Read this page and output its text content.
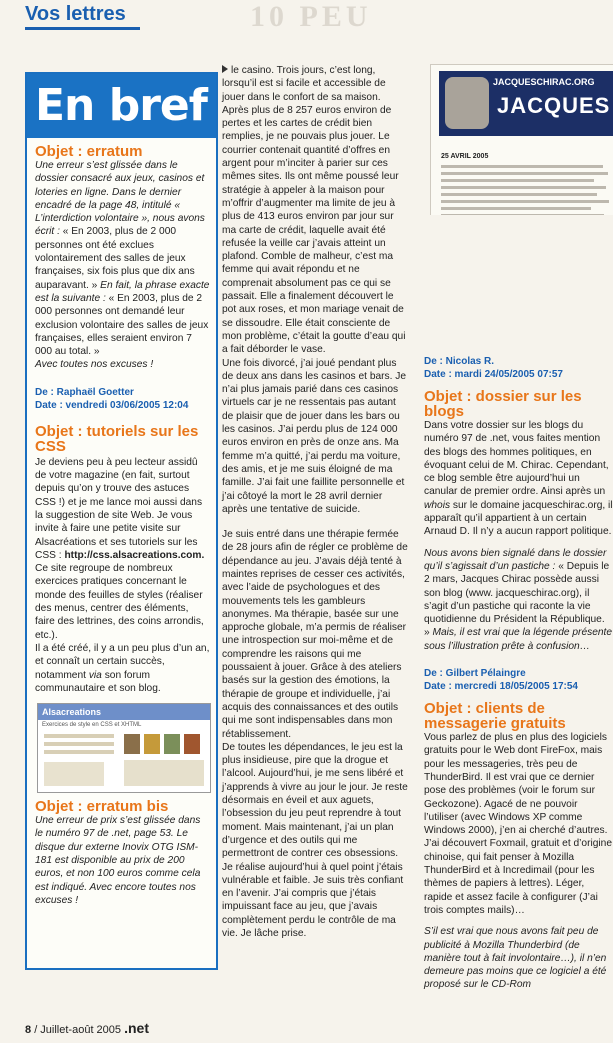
Vos lettres	10 PEU
En bref
Objet : erratum

Une erreur s’est glissée dans le dossier consacré aux jeux, casinos et loteries en ligne. Dans le dernier encadré de la page 48, intitulé « L’interdiction volontaire », nous avons écrit : « En 2003, plus de 2 000 personnes ont été exclues volontairement des salles de jeux françaises, six fois plus que dix ans auparavant. » En fait, la phrase exacte est la suivante : « En 2003, plus de 2 000 personnes ont demandé leur exclusion volontaire des salles de jeux françaises, elles seraient environ 7 000 au total. »
Avec toutes nos excuses !

De : Raphaël Goetter
Date : vendredi 03/06/2005 12:04
Objet : tutoriels sur les CSS

Je deviens peu à peu lecteur assidû de votre magazine (en fait, surtout depuis qu’on y trouve des astuces CSS !) et je me lance moi aussi dans la suggestion de site Web. Je vous invite à faire une petite visite sur Alsacréations et ses tutoriels sur les CSS : http://css.alsacreations.com.
Ce site regroupe de nombreux exercices pratiques concernant le monde des feuilles de styles (réaliser des menus, centrer des éléments, faire des lettrines, des coins arrondis, etc.).
Il a été créé, il y a un peu plus d’un an, et connaît un certain succès, notamment via son forum communautaire et son blog.

Alsacreations
Exercices de style en CSS et XHTML
Objet : erratum bis

Une erreur de prix s’est glissée dans le numéro 97 de .net, page 53. Le disque dur externe Inovix OTG ISM-181 est disponible au prix de 200 euros, et non 100 euros comme cela est indiqué. Avec encore toutes nos excuses !

le casino. Trois jours, c’est long, lorsqu’il est si facile et accessible de jouer dans le confort de sa maison.

Après plus de 8 257 euros environ de pertes et les cartes de crédit bien remplies, je ne pouvais plus jouer. Le courrier contenait quantité d’offres en argent pour m’inciter à parier sur ces mêmes sites. Ils ont même poussé leur stratégie à appeler à la maison pour m’offrir d’augmenter ma limite de jeu à plus de 413 euros environ par jour sur ma carte de crédit, laquelle avait été refusée la veille car j’avais atteint un plafond. Comble de malheur, c’est ma femme qui avait répondu et ne comprenait absolument pas ce qui se passait. Elle a finalement découvert le pot aux roses, et mon mariage venait de se dissoudre. Elle était consciente de mon problème, c’était la goutte d’eau qui a fait déborder le vase.

Une fois divorcé, j’ai joué pendant plus de deux ans dans les casinos et bars. Je n’ai plus jamais parié dans ces casinos virtuels car je ne ressentais pas autant de plaisir que de jouer dans les bars ou les casinos. J’ai perdu plus de 124 000 euros environ en près de onze ans. Ma femme m’a quitté, j’ai perdu ma voiture, des amis, et je me suis éloigné de ma famille. J’ai fait une faillite personnelle et j’ai côtoyé la mort le 28 avril dernier après une tentative de suicide.

Je suis entré dans une thérapie fermée de 28 jours afin de régler ce problème de dépendance au jeu. J’avais déjà tenté à maintes reprises de cesser ces activités, avec l’aide de psychologues et des mouvements tels les gambleurs anonymes. Ma thérapie, basée sur une approche globale, m’a permis de réaliser une introspection sur moi-même et de comprendre les raisons qui me poussaient à jouer. Grâce à des ateliers basés sur la gestion des émotions, la thérapie de groupe et individuelle, j’ai acquis des connaissances et des outils qui me sont indispensables dans mon rétablissement.

De toutes les dépendances, le jeu est la plus insidieuse, pire que la drogue et l’alcool. Aujourd’hui, je me sens libéré et j’apprends à vivre au jour le jour. Je reste désormais en éveil et aux aguets, l’obsession du jeu peut reprendre à tout moment. Mais maintenant, j’ai un plan d’urgence et des outils qui me permettront de contrer ces obsessions. Je réalise aujourd’hui à quel point j’étais vulnérable et faible. Je suis très confiant en l’avenir. J’ai compris que j’étais impuissant face au jeu, que j’avais complètement perdu le contrôle de ma vie. Je lâche prise.

JACQUESCHIRAC.ORG
JACQUES
25 AVRIL 2005
De : Nicolas R.
Date : mardi 24/05/2005 07:57
Objet : dossier sur les blogs

Dans votre dossier sur les blogs du numéro 97 de .net, vous faites mention des blogs des hommes politiques, en évoquant celui de M. Chirac. Cependant, ce blog semble être aujourd’hui un canular de premier ordre. Ainsi après un whois sur le domaine jacqueschirac.org, il apparaît qu’il appartient à un certain Arnaud D. Il n’y a aucun rapport politique.

Nous avons bien signalé dans le dossier qu’il s’agissait d’un pastiche : « Depuis le 2 mars, Jacques Chirac possède aussi son blog (www. jacqueschirac.org), il s’agit d’un pastiche qui raconte la vie quotidienne du Président la République. » Mais, il est vrai que la légende présente sous l’illustration prête à confusion…

De : Gilbert Pélaingre
Date : mercredi 18/05/2005 17:54
Objet : clients de messagerie gratuits

Vous parlez de plus en plus des logiciels gratuits pour le Web dont FireFox, mais pour les messageries, très peu de ThunderBird. Il est vrai que ce dernier pose des problèmes (voir le forum sur Geckozone). Agacé de ne pouvoir l’utiliser (avec Windows XP comme Windows 2000), j’en ai cherché d’autres. J’ai découvert Foxmail, gratuit et d’origine chinoise, qui fait penser à Mozilla ThunderBird et à Incredimail (pour les thèmes de papiers à lettres). Léger, rapide et assez facile à configurer (J’ai trois comptes mails)…

S’il est vrai que nous avons fait peu de publicité à Mozilla Thunderbird (de manière tout à fait involontaire…), il n’en demeure pas moins que ce logiciel a été proposé sur le CD-Rom

8 / Juillet-août 2005 .net
